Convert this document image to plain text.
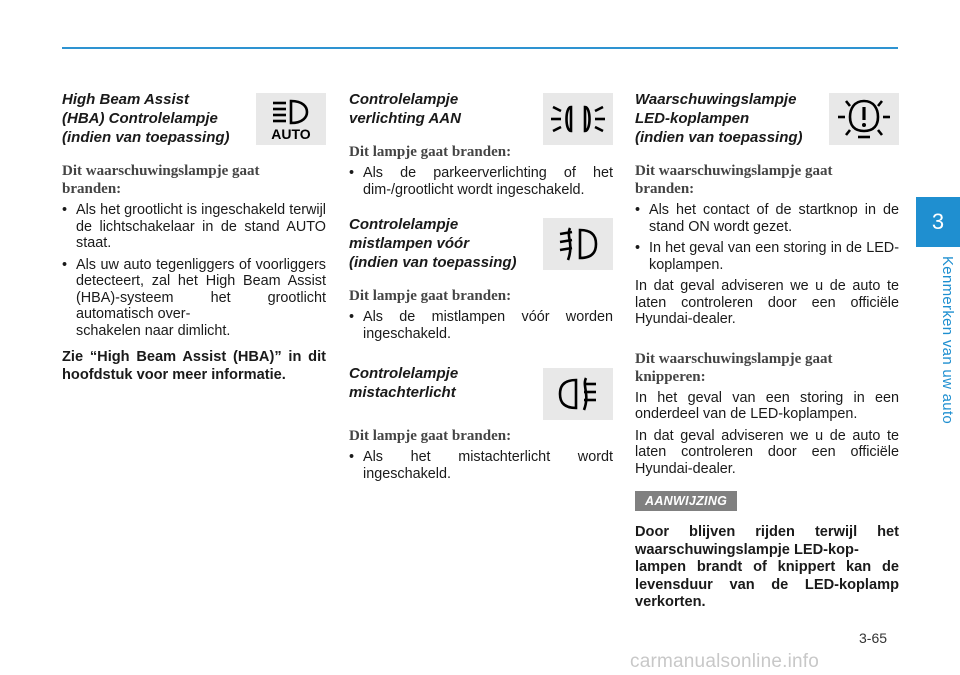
3
Kenmerken van uw auto
High Beam Assist
(HBA) Controlelampje
(indien van toepassing)	AUTO
Dit waarschuwingslampje gaat
branden:
• Als het grootlicht is ingeschakeld terwijl de lichtschakelaar in de stand AUTO staat.
• Als uw auto tegenliggers of voorliggers detecteert, zal het High Beam Assist (HBA)-systeem het grootlicht automatisch over-
schakelen naar dimlicht.
Zie “High Beam Assist (HBA)” in dit hoofdstuk voor meer informatie.
Controlelampje
verlichting AAN
Dit lampje gaat branden:
• Als de parkeerverlichting of het dim-/grootlicht wordt ingeschakeld.
Controlelampje
mistlampen vóór
(indien van toepassing)
Dit lampje gaat branden:
• Als de mistlampen vóór worden ingeschakeld.
Controlelampje
mistachterlicht
Dit lampje gaat branden:
• Als het mistachterlicht wordt ingeschakeld.
Waarschuwingslampje
LED-koplampen
(indien van toepassing)
Dit waarschuwingslampje gaat
branden:
• Als het contact of de startknop in de stand ON wordt gezet.
• In het geval van een storing in de LED-koplampen.
In dat geval adviseren we u de auto te laten controleren door een officiële Hyundai-dealer.
Dit waarschuwingslampje gaat
knipperen:
In het geval van een storing in een onderdeel van de LED-koplampen.
In dat geval adviseren we u de auto te laten controleren door een officiële Hyundai-dealer.
AANWIJZING
Door blijven rijden terwijl het waarschuwingslampje LED-kop-
lampen brandt of knippert kan de levensduur van de LED-koplamp verkorten.
3-65
carmanualsonline.info
